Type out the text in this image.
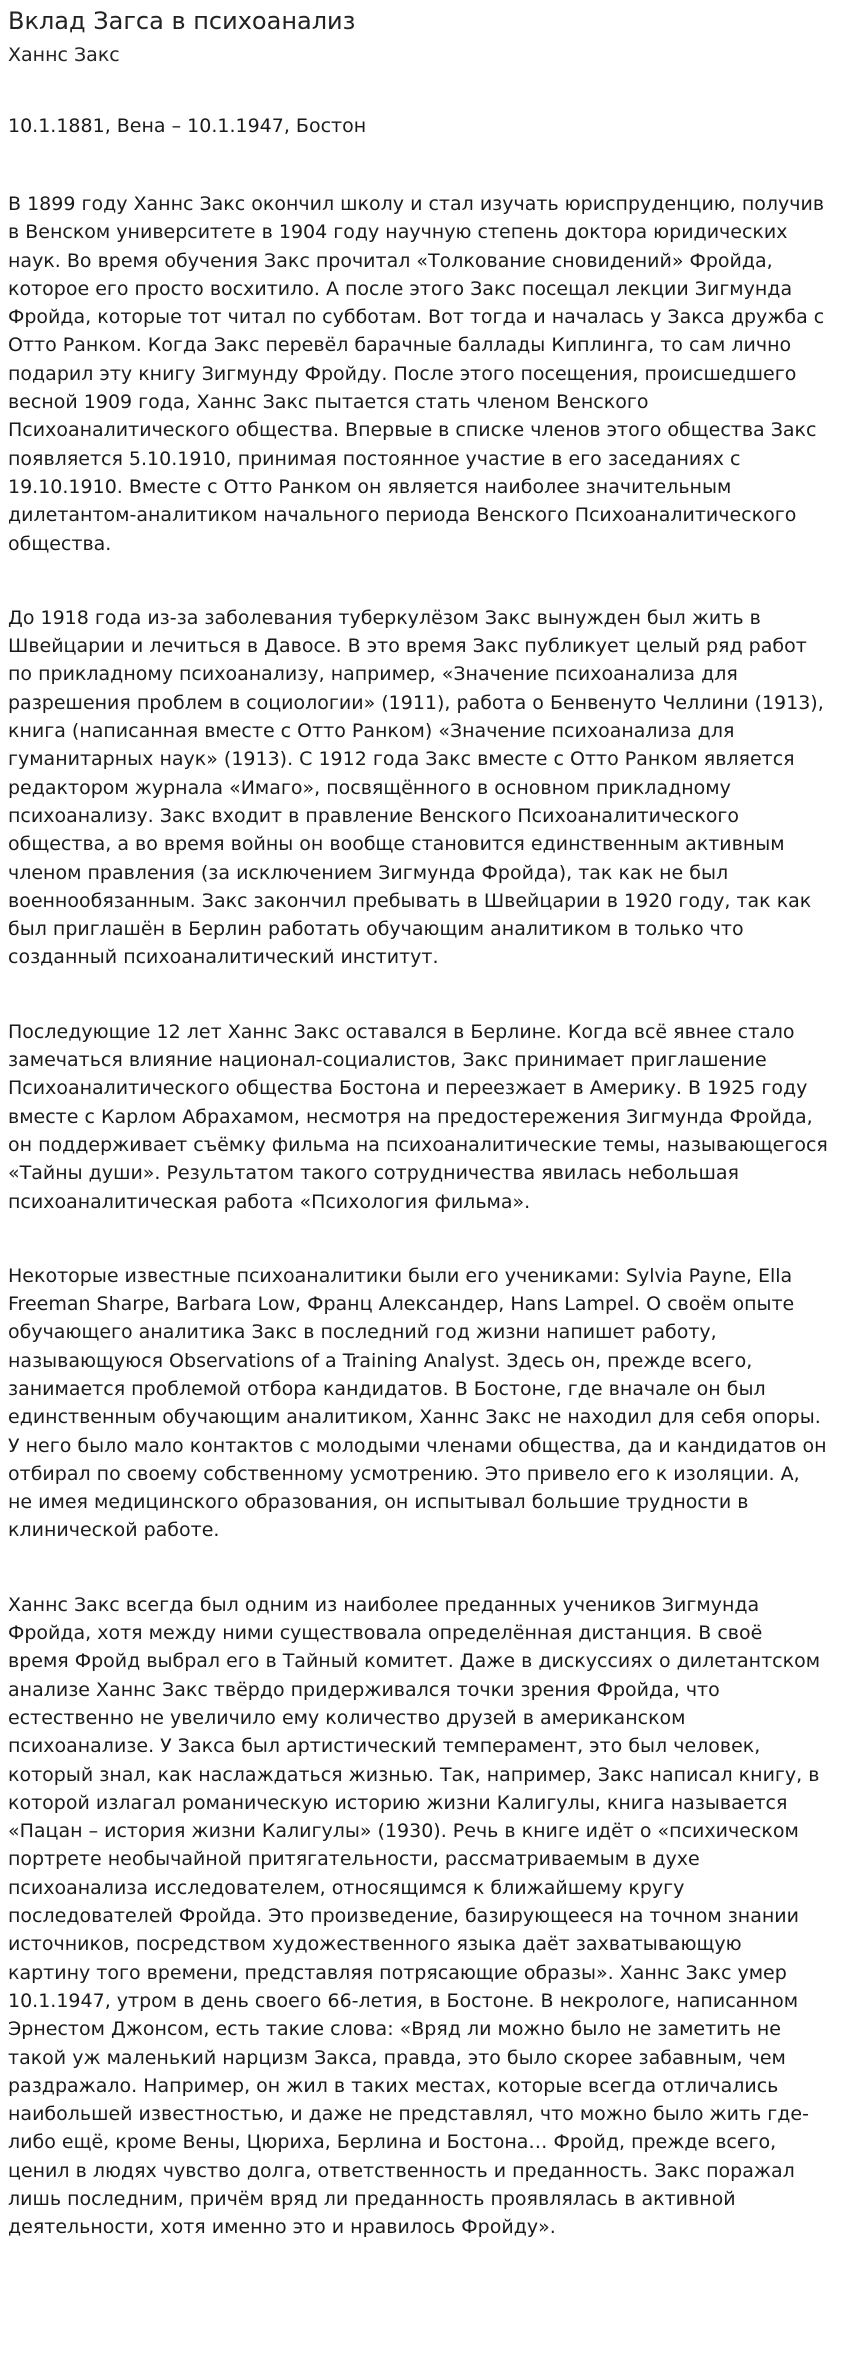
Вклад Загса в психоанализ
Ханнс Закс
10.1.1881, Вена – 10.1.1947, Бостон

В 1899 году Ханнс Закс окончил школу и стал изучать юриспруденцию, получив в Венском университете в 1904 году научную степень доктора юридических наук. Во время обучения Закс прочитал «Толкование сновидений» Фройда, которое его просто восхитило. А после этого Закс посещал лекции Зигмунда Фройда, которые тот читал по субботам. Вот тогда и началась у Закса дружба с Отто Ранком. Когда Закс перевёл барачные баллады Киплинга, то сам лично подарил эту книгу Зигмунду Фройду. После этого посещения, происшедшего весной 1909 года, Ханнс Закс пытается стать членом Венского Психоаналитического общества. Впервые в списке членов этого общества Закс появляется 5.10.1910, принимая постоянное участие в его заседаниях с 19.10.1910. Вместе с Отто Ранком он является наиболее значительным дилетантом-аналитиком начального периода Венского Психоаналитического общества.

До 1918 года из-за заболевания туберкулёзом Закс вынужден был жить в Швейцарии и лечиться в Давосе. В это время Закс публикует целый ряд работ по прикладному психоанализу, например, «Значение психоанализа для разрешения проблем в социологии» (1911), работа о Бенвенуто Челлини (1913), книга (написанная вместе с Отто Ранком) «Значение психоанализа для гуманитарных наук» (1913). С 1912 года Закс вместе с Отто Ранком является редактором журнала «Имаго», посвящённого в основном прикладному психоанализу. Закс входит в правление Венского Психоаналитического общества, а во время войны он вообще становится единственным активным членом правления (за исключением Зигмунда Фройда), так как не был военнообязанным. Закс закончил пребывать в Швейцарии в 1920 году, так как был приглашён в Берлин работать обучающим аналитиком в только что созданный психоаналитический институт.

Последующие 12 лет Ханнс Закс оставался в Берлине. Когда всё явнее стало замечаться влияние национал-социалистов, Закс принимает приглашение Психоаналитического общества Бостона и переезжает в Америку. В 1925 году вместе с Карлом Абрахамом, несмотря на предостережения Зигмунда Фройда, он поддерживает съёмку фильма на психоаналитические темы, называющегося «Тайны души». Результатом такого сотрудничества явилась небольшая психоаналитическая работа «Психология фильма».

Некоторые известные психоаналитики были его учениками: Sylvia Payne, Ella Freeman Sharpe, Barbara Low, Франц Александер, Hans Lampel. О своём опыте обучающего аналитика Закс в последний год жизни напишет работу, называющуюся Observations of a Training Analyst. Здесь он, прежде всего, занимается проблемой отбора кандидатов. В Бостоне, где вначале он был единственным обучающим аналитиком, Ханнс Закс не находил для себя опоры. У него было мало контактов с молодыми членами общества, да и кандидатов он отбирал по своему собственному усмотрению. Это привело его к изоляции. А, не имея медицинского образования, он испытывал большие трудности в клинической работе.

Ханнс Закс всегда был одним из наиболее преданных учеников Зигмунда Фройда, хотя между ними существовала определённая дистанция. В своё время Фройд выбрал его в Тайный комитет. Даже в дискуссиях о дилетантском анализе Ханнс Закс твёрдо придерживался точки зрения Фройда, что естественно не увеличило ему количество друзей в американском психоанализе. У Закса был артистический темперамент, это был человек, который знал, как наслаждаться жизнью. Так, например, Закс написал книгу, в которой излагал романическую историю жизни Калигулы, книга называется «Пацан – история жизни Калигулы» (1930). Речь в книге идёт о «психическом портрете необычайной притягательности, рассматриваемым в духе психоанализа исследователем, относящимся к ближайшему кругу последователей Фройда. Это произведение, базирующееся на точном знании источников, посредством художественного языка даёт захватывающую картину того времени, представляя потрясающие образы». Ханнс Закс умер 10.1.1947, утром в день своего 66-летия, в Бостоне. В некрологе, написанном Эрнестом Джонсом, есть такие слова: «Вряд ли можно было не заметить не такой уж маленький нарцизм Закса, правда, это было скорее забавным, чем раздражало. Например, он жил в таких местах, которые всегда отличались наибольшей известностью, и даже не представлял, что можно было жить где-либо ещё, кроме Вены, Цюриха, Берлина и Бостона… Фройд, прежде всего, ценил в людях чувство долга, ответственность и преданность. Закс поражал лишь последним, причём вряд ли преданность проявлялась в активной деятельности, хотя именно это и нравилось Фройду».
